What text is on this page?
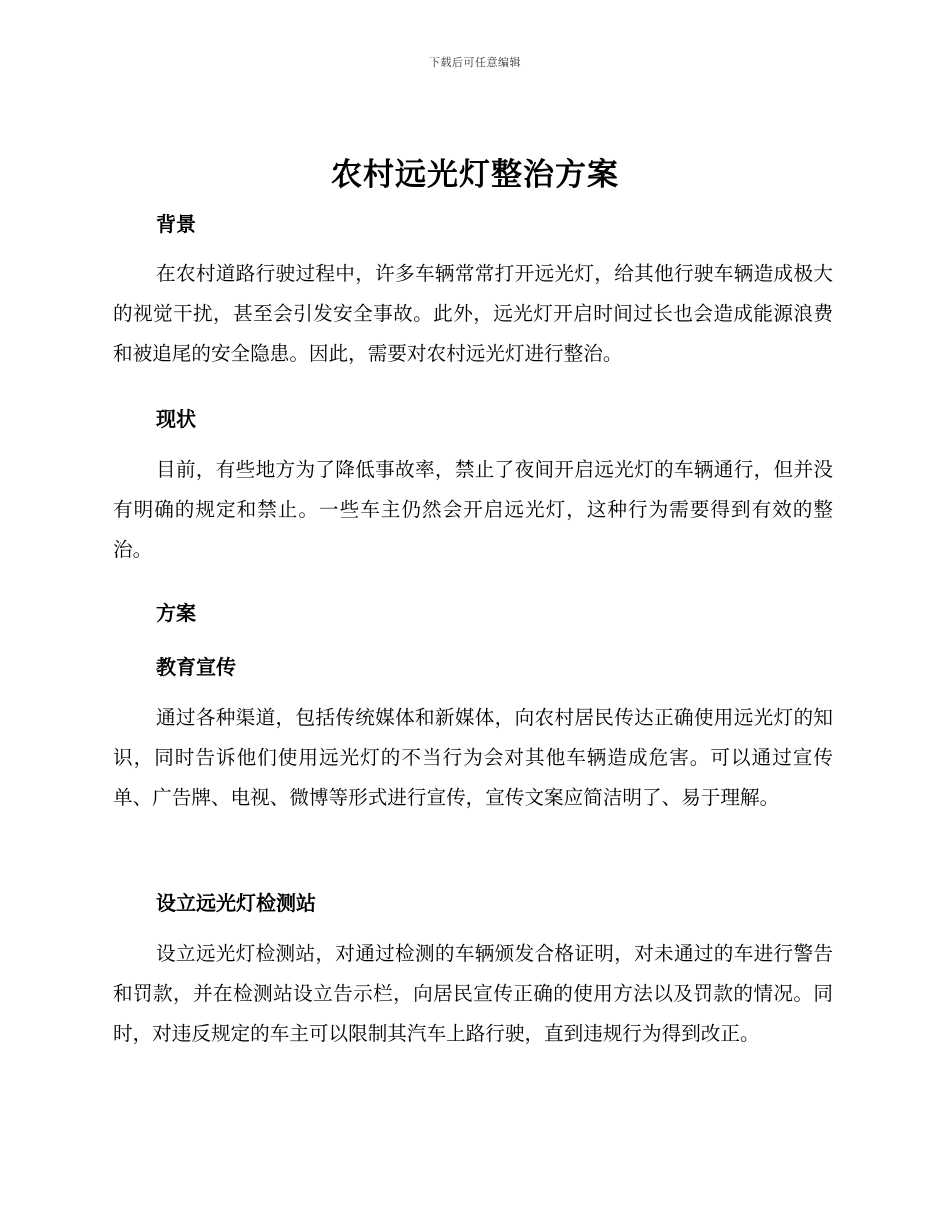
下载后可任意编辑
农村远光灯整治方案
背景

在农村道路行驶过程中，许多车辆常常打开远光灯，给其他行驶车辆造成极大的视觉干扰，甚至会引发安全事故。此外，远光灯开启时间过长也会造成能源浪费和被追尾的安全隐患。因此，需要对农村远光灯进行整治。

现状

目前，有些地方为了降低事故率，禁止了夜间开启远光灯的车辆通行，但并没有明确的规定和禁止。一些车主仍然会开启远光灯，这种行为需要得到有效的整治。

方案
教育宣传

通过各种渠道，包括传统媒体和新媒体，向农村居民传达正确使用远光灯的知识，同时告诉他们使用远光灯的不当行为会对其他车辆造成危害。可以通过宣传单、广告牌、电视、微博等形式进行宣传，宣传文案应简洁明了、易于理解。

设立远光灯检测站

设立远光灯检测站，对通过检测的车辆颁发合格证明，对未通过的车进行警告和罚款，并在检测站设立告示栏，向居民宣传正确的使用方法以及罚款的情况。同时，对违反规定的车主可以限制其汽车上路行驶，直到违规行为得到改正。
